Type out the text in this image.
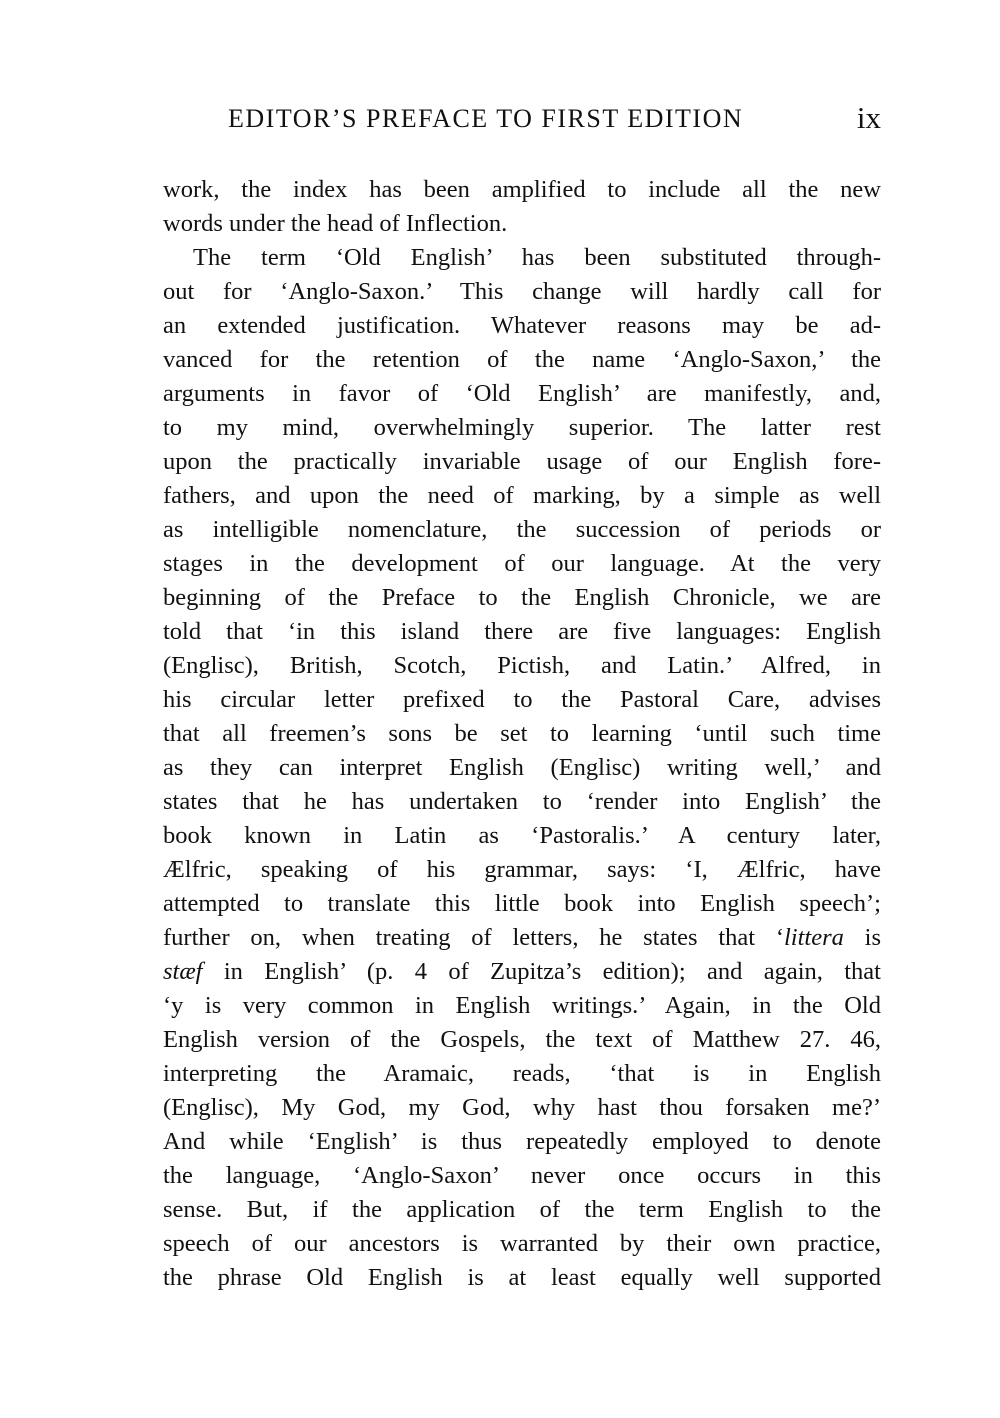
EDITOR’S PREFACE TO FIRST EDITION	ix
work, the index has been amplified to include all the new
words under the head of Inflection.
The term ‘Old English’ has been substituted through-
out for ‘Anglo-Saxon.’ This change will hardly call for
an extended justification. Whatever reasons may be ad-
vanced for the retention of the name ‘Anglo-Saxon,’ the
arguments in favor of ‘Old English’ are manifestly, and,
to my mind, overwhelmingly superior. The latter rest
upon the practically invariable usage of our English fore-
fathers, and upon the need of marking, by a simple as well
as intelligible nomenclature, the succession of periods or
stages in the development of our language. At the very
beginning of the Preface to the English Chronicle, we are
told that ‘in this island there are five languages: English
(Englisc), British, Scotch, Pictish, and Latin.’ Alfred, in
his circular letter prefixed to the Pastoral Care, advises
that all freemen’s sons be set to learning ‘until such time
as they can interpret English (Englisc) writing well,’ and
states that he has undertaken to ‘render into English’ the
book known in Latin as ‘Pastoralis.’ A century later,
Ælfric, speaking of his grammar, says: ‘I, Ælfric, have
attempted to translate this little book into English speech’;
further on, when treating of letters, he states that ‘littera is
stæf in English’ (p. 4 of Zupitza’s edition); and again, that
‘y is very common in English writings.’ Again, in the Old
English version of the Gospels, the text of Matthew 27. 46,
interpreting the Aramaic, reads, ‘that is in English
(Englisc), My God, my God, why hast thou forsaken me?’
And while ‘English’ is thus repeatedly employed to denote
the language, ‘Anglo-Saxon’ never once occurs in this
sense. But, if the application of the term English to the
speech of our ancestors is warranted by their own practice,
the phrase Old English is at least equally well supported
